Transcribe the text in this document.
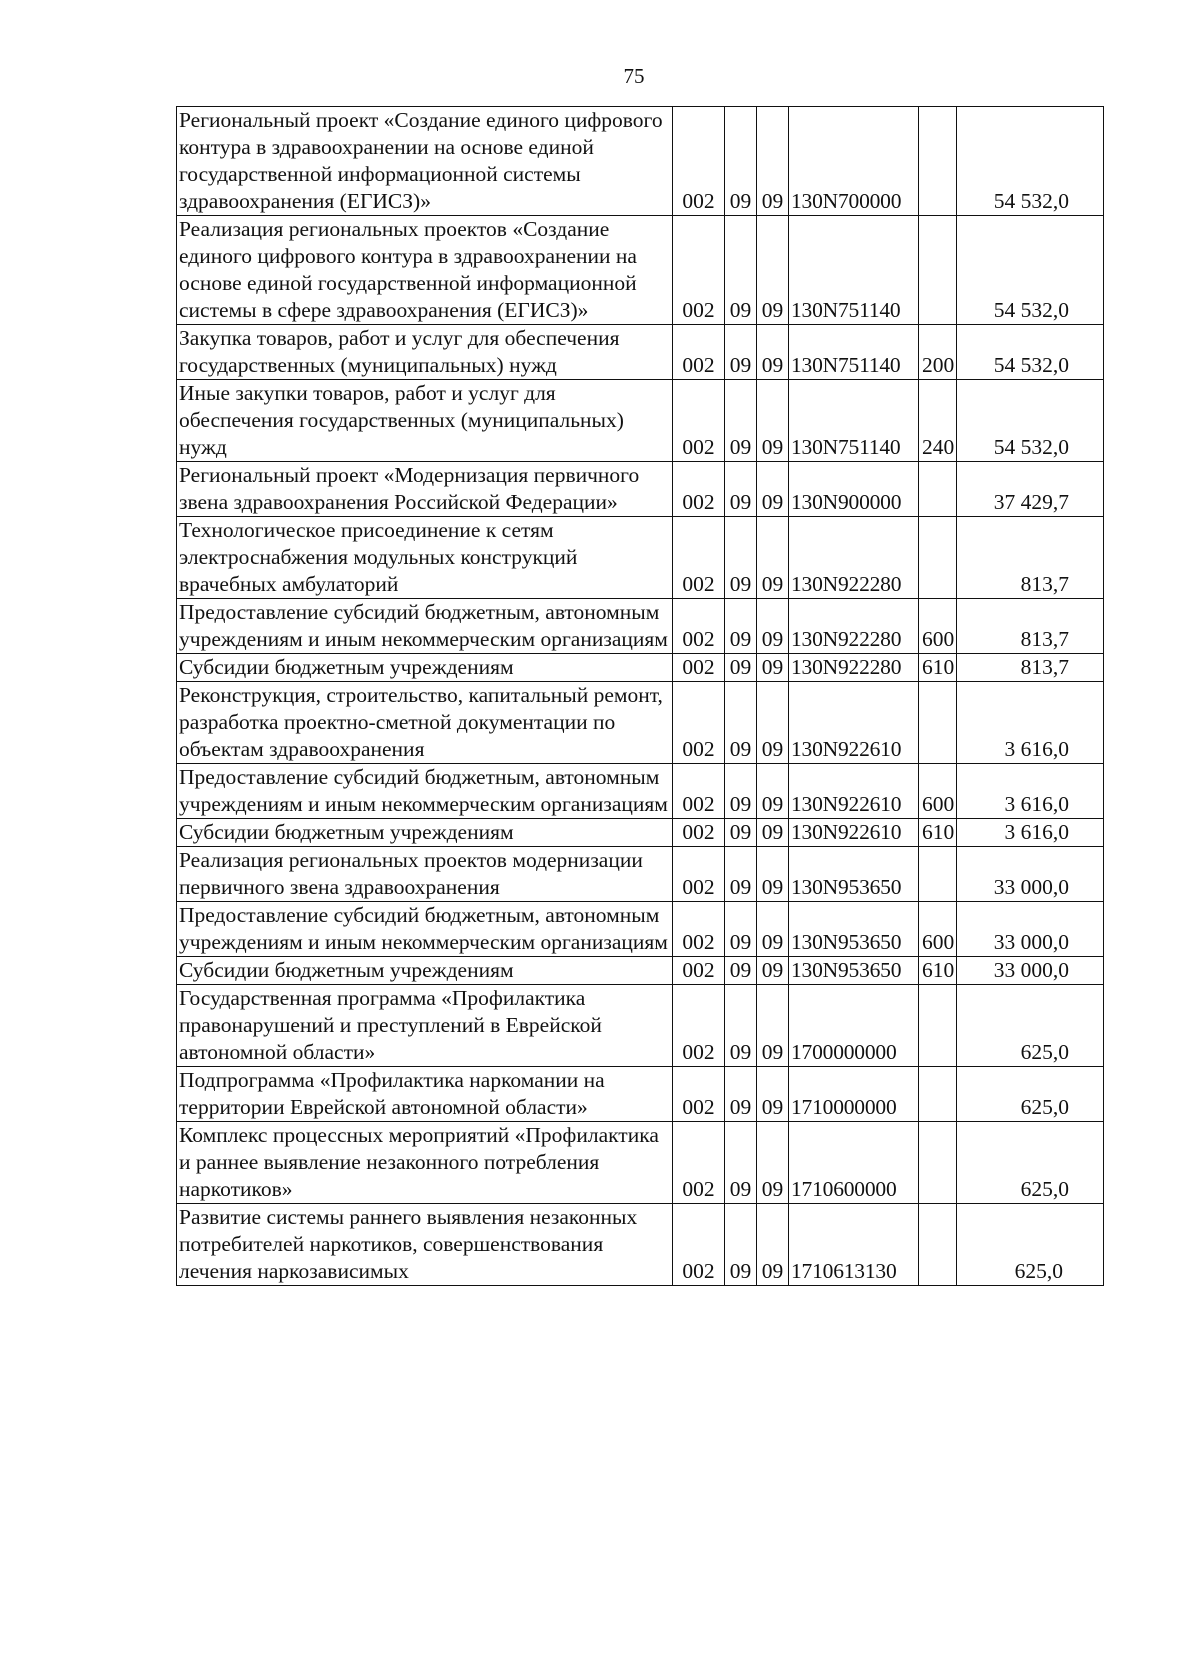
75
Региональный проект «Создание единого цифрового контура в здравоохранении на основе единой государственной информационной системы здравоохранения (ЕГИСЗ)»	002	09	09	130N700000		54 532,0
Реализация региональных проектов «Создание единого цифрового контура в здравоохранении на основе единой государственной информационной системы в сфере здравоохранения (ЕГИСЗ)»	002	09	09	130N751140		54 532,0
Закупка товаров, работ и услуг для обеспечения государственных (муниципальных) нужд	002	09	09	130N751140	200	54 532,0
Иные закупки товаров, работ и услуг для обеспечения государственных (муниципальных) нужд	002	09	09	130N751140	240	54 532,0
Региональный проект «Модернизация первичного звена здравоохранения Российской Федерации»	002	09	09	130N900000		37 429,7
Технологическое присоединение к сетям электроснабжения модульных конструкций врачебных амбулаторий	002	09	09	130N922280		813,7
Предоставление субсидий бюджетным, автономным учреждениям и иным некоммерческим организациям	002	09	09	130N922280	600	813,7
Субсидии бюджетным учреждениям	002	09	09	130N922280	610	813,7
Реконструкция, строительство, капитальный ремонт, разработка проектно-сметной документации по объектам здравоохранения	002	09	09	130N922610		3 616,0
Предоставление субсидий бюджетным, автономным учреждениям и иным некоммерческим организациям	002	09	09	130N922610	600	3 616,0
Субсидии бюджетным учреждениям	002	09	09	130N922610	610	3 616,0
Реализация региональных проектов модернизации первичного звена здравоохранения	002	09	09	130N953650		33 000,0
Предоставление субсидий бюджетным, автономным учреждениям и иным некоммерческим организациям	002	09	09	130N953650	600	33 000,0
Субсидии бюджетным учреждениям	002	09	09	130N953650	610	33 000,0
Государственная программа «Профилактика правонарушений и преступлений в Еврейской автономной области»	002	09	09	1700000000		625,0
Подпрограмма «Профилактика наркомании на территории Еврейской автономной области»	002	09	09	1710000000		625,0
Комплекс процессных мероприятий «Профилактика и раннее выявление незаконного потребления наркотиков»	002	09	09	1710600000		625,0
Развитие системы раннего выявления незаконных потребителей наркотиков, совершенствования лечения наркозависимых	002	09	09	1710613130		625,0
